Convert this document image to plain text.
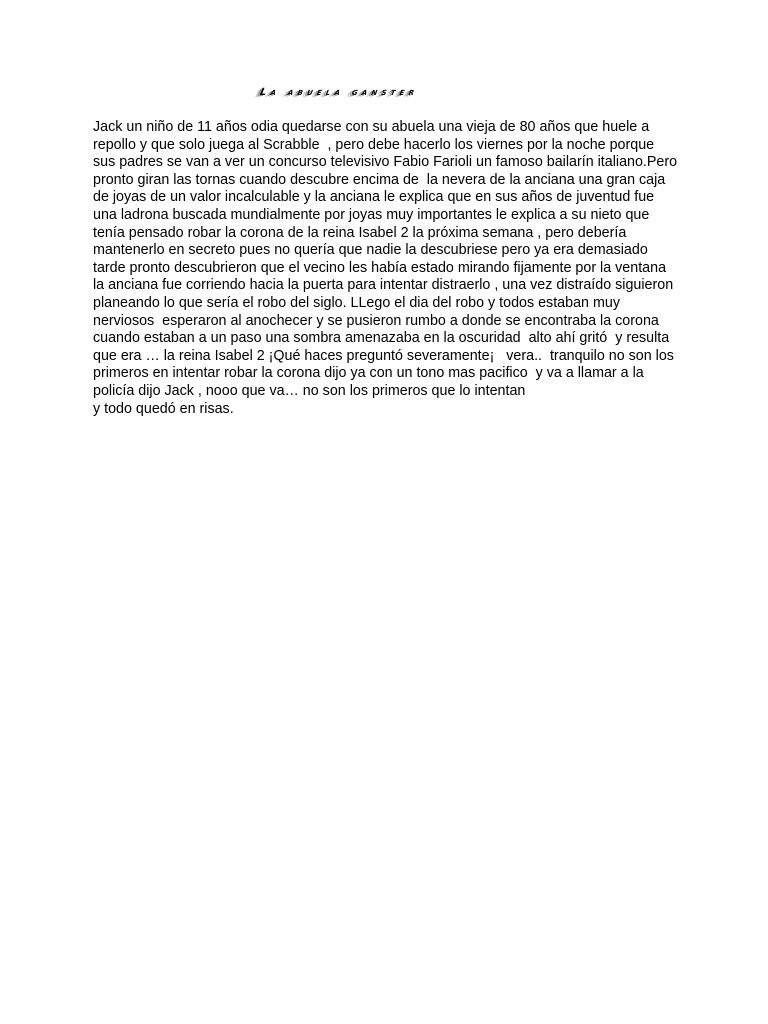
La abuela ganster
Jack un niño de 11 años odia quedarse con su abuela una vieja de 80 años que huele a
repollo y que solo juega al Scrabble  , pero debe hacerlo los viernes por la noche porque
sus padres se van a ver un concurso televisivo Fabio Farioli un famoso bailarín italiano.Pero
pronto giran las tornas cuando descubre encima de  la nevera de la anciana una gran caja
de joyas de un valor incalculable y la anciana le explica que en sus años de juventud fue
una ladrona buscada mundialmente por joyas muy importantes le explica a su nieto que
tenía pensado robar la corona de la reina Isabel 2 la próxima semana , pero debería
mantenerlo en secreto pues no quería que nadie la descubriese pero ya era demasiado
tarde pronto descubrieron que el vecino les había estado mirando fijamente por la ventana
la anciana fue corriendo hacia la puerta para intentar distraerlo , una vez distraído siguieron
planeando lo que sería el robo del siglo. LLego el dia del robo y todos estaban muy
nerviosos  esperaron al anochecer y se pusieron rumbo a donde se encontraba la corona
cuando estaban a un paso una sombra amenazaba en la oscuridad  alto ahí gritó  y resulta
que era … la reina Isabel 2 ¡Qué haces preguntó severamente¡   vera..  tranquilo no son los
primeros en intentar robar la corona dijo ya con un tono mas pacifico  y va a llamar a la
policía dijo Jack , nooo que va… no son los primeros que lo intentan
y todo quedó en risas.
